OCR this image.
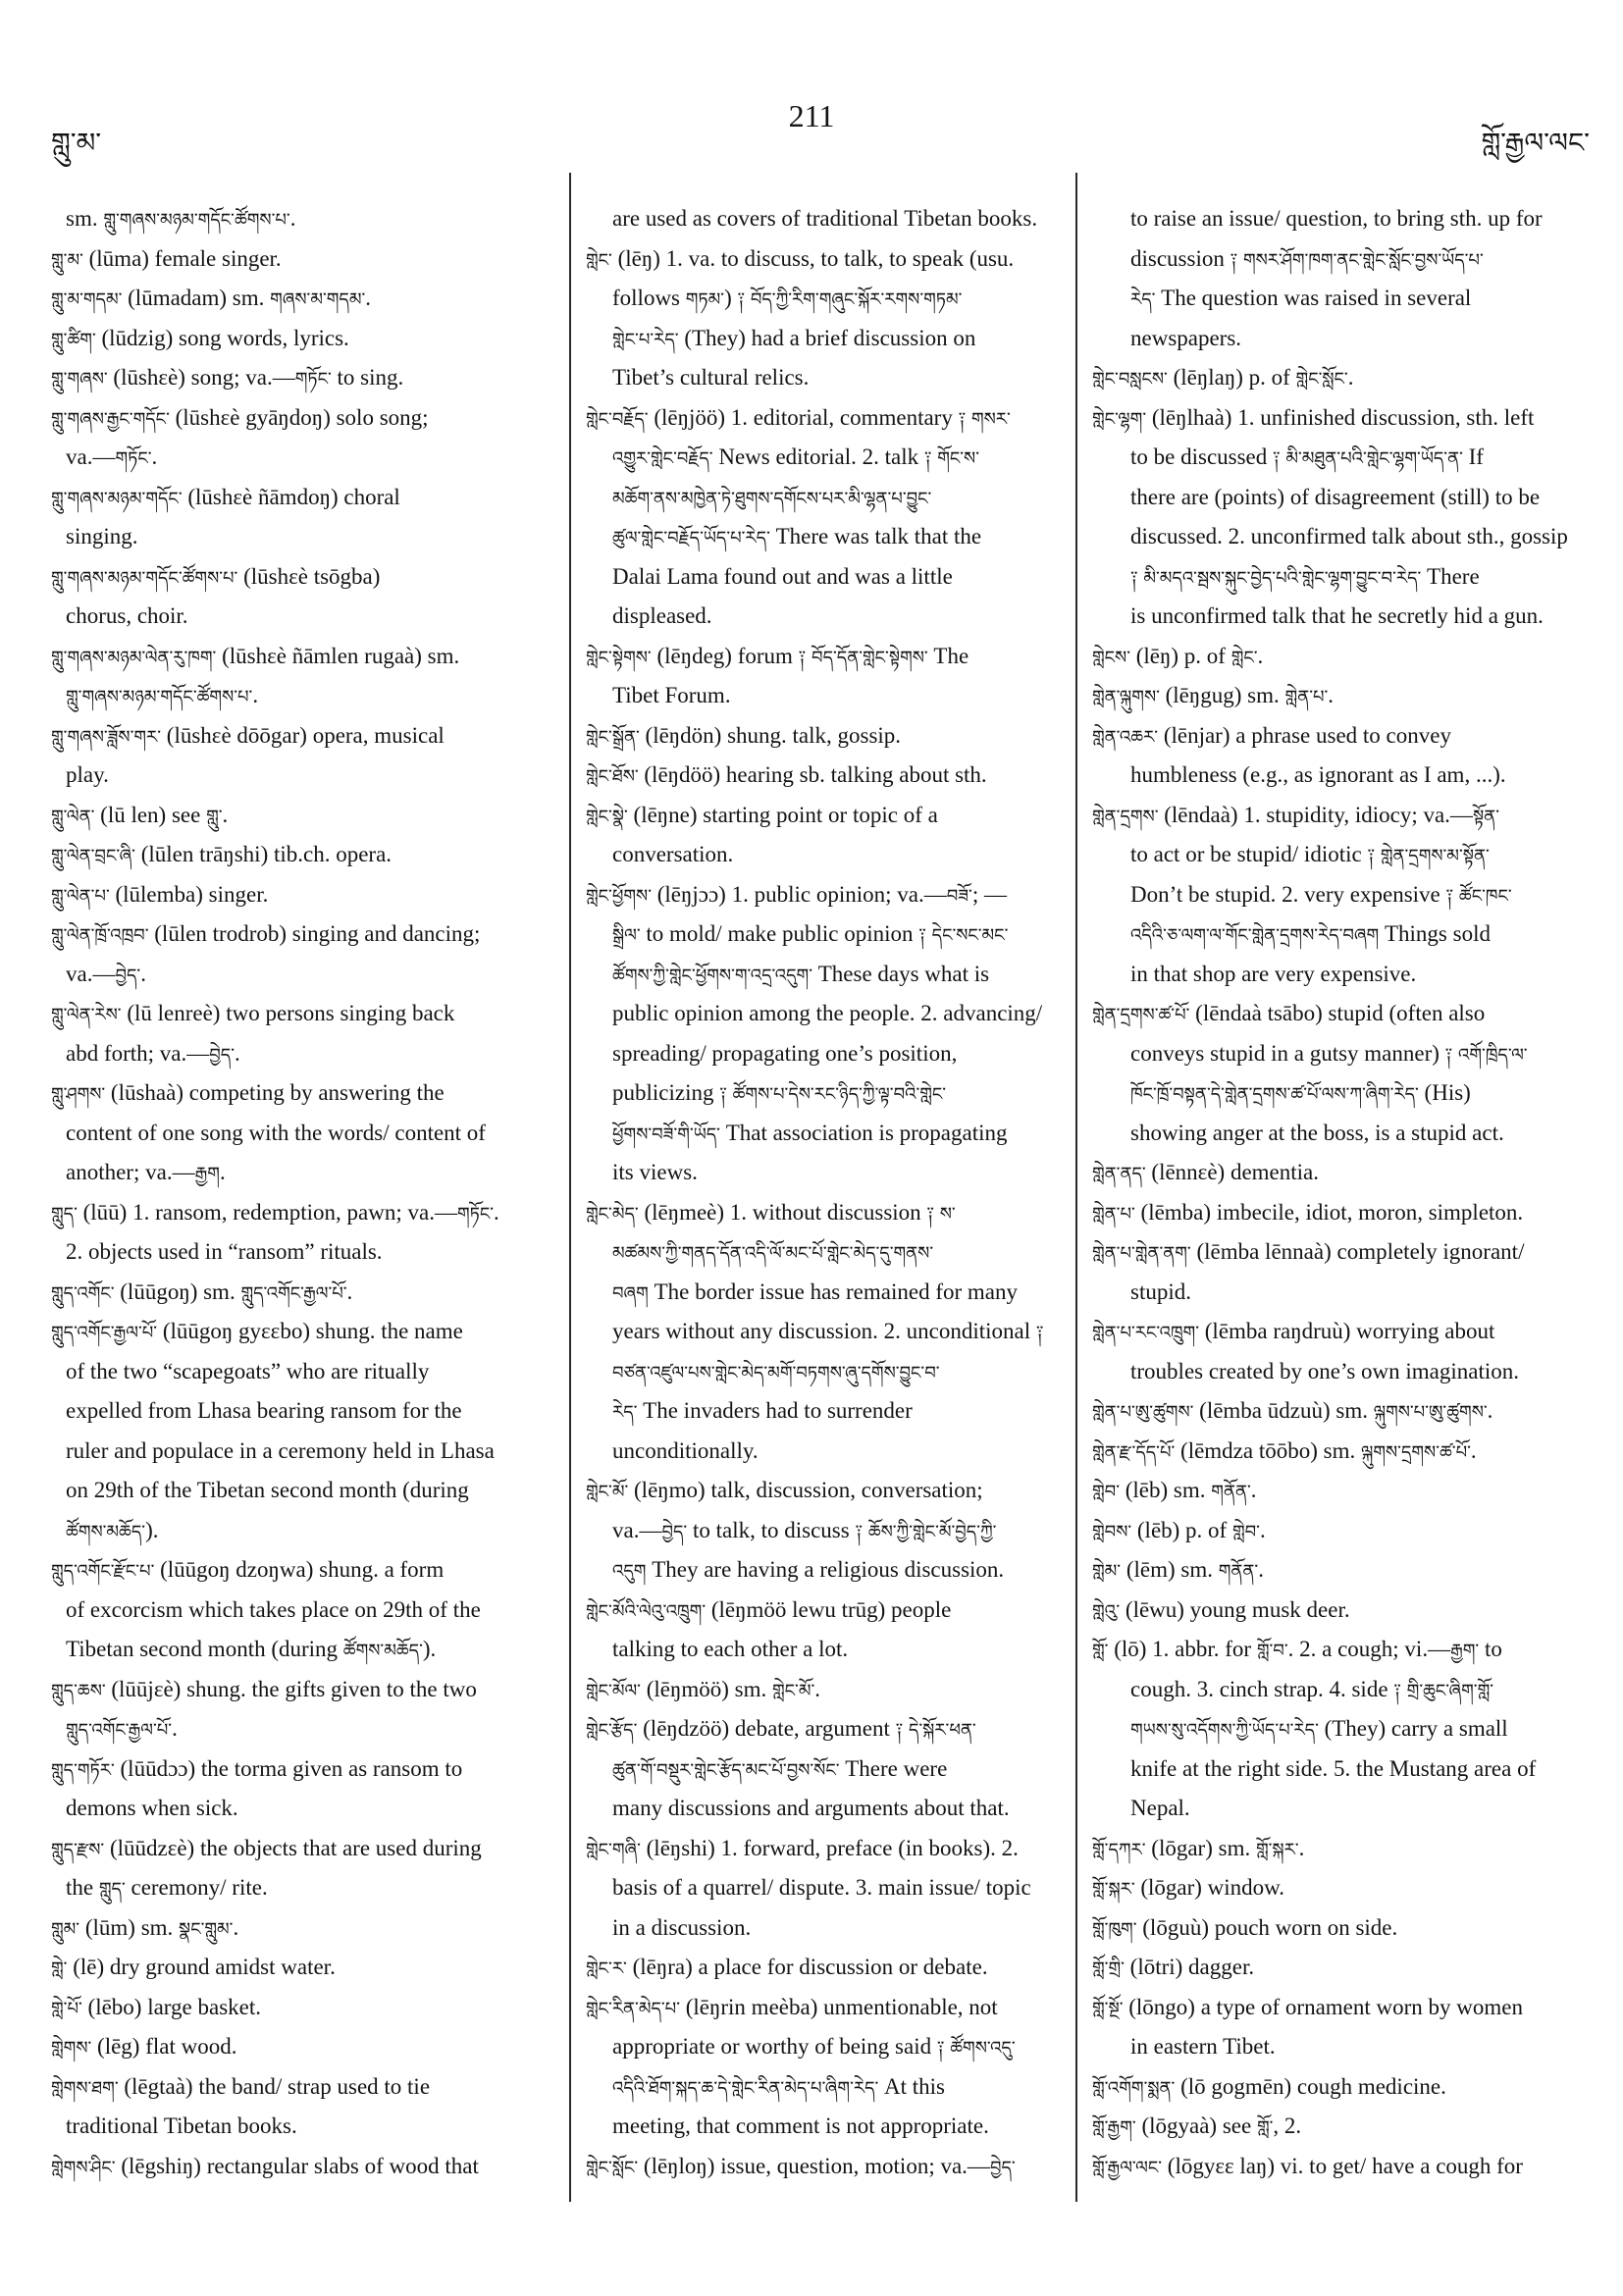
གླུ་མ་
211
གློ་རྒྱལ་ལང་
sm. གླུ་གཞས་མཉམ་གདོང་ཚོགས་པ་.
གླུ་མ་ (lūma) female singer.
གླུ་མ་གདམ་ (lūmadam) sm. གཞས་མ་གདམ་.
གླུ་ཚིག་ (lūdzig) song words, lyrics.
གླུ་གཞས་ (lūshεè) song; va.—གཏོང་ to sing.
གླུ་གཞས་རྒྱང་གདོང་ (lūshεè gyāŋdoŋ) solo song;
va.—གཏོང་.
གླུ་གཞས་མཉམ་གདོང་ (lūshεè ñāmdoŋ) choral
singing.
གླུ་གཞས་མཉམ་གདོང་ཚོགས་པ་ (lūshεè tsōgba)
chorus, choir.
གླུ་གཞས་མཉམ་ལེན་རུ་ཁག་ (lūshεè ñāmlen rugaà) sm.
གླུ་གཞས་མཉམ་གདོང་ཚོགས་པ་.
གླུ་གཞས་ཟློས་གར་ (lūshεè dōōgar) opera, musical
play.
གླུ་ལེན་ (lū len) see གླུ་.
གླུ་ལེན་བྲང་ཞི་ (lūlen trāŋshi) tib.ch. opera.
གླུ་ལེན་པ་ (lūlemba) singer.
གླུ་ལེན་ཁྲོ་འཁྲབ་ (lūlen trodrob) singing and dancing;
va.—བྱེད་.
གླུ་ལེན་རེས་ (lū lenreè) two persons singing back
abd forth; va.—བྱེད་.
གླུ་ཤགས་ (lūshaà) competing by answering the
content of one song with the words/ content of
another; va.—རྒྱག.
གླུད་ (lūū) 1. ransom, redemption, pawn; va.—གཏོང་.
2. objects used in “ransom” rituals.
གླུད་འགོང་ (lūūgoŋ) sm. གླུད་འགོང་རྒྱལ་པོ་.
གླུད་འགོང་རྒྱལ་པོ་ (lūūgoŋ gyεεbo) shung. the name
of the two “scapegoats” who are ritually
expelled from Lhasa bearing ransom for the
ruler and populace in a ceremony held in Lhasa
on 29th of the Tibetan second month (during
ཚོགས་མཆོད་).
གླུད་འགོང་རྫོང་པ་ (lūūgoŋ dzoŋwa) shung. a form
of excorcism which takes place on 29th of the
Tibetan second month (during ཚོགས་མཆོད་).
གླུད་ཆས་ (lūūjεè) shung. the gifts given to the two
གླུད་འགོང་རྒྱལ་པོ་.
གླུད་གཏོར་ (lūūdɔɔ) the torma given as ransom to
demons when sick.
གླུད་རྫས་ (lūūdzεè) the objects that are used during
the གླུད་ ceremony/ rite.
གླུམ་ (lūm) sm. སྣང་གླུམ་.
གླེ་ (lē) dry ground amidst water.
གླེ་པོ་ (lēbo) large basket.
གླེགས་ (lēg) flat wood.
གླེགས་ཐག་ (lēgtaà) the band/ strap used to tie
traditional Tibetan books.
གླེགས་ཤིང་ (lēgshiŋ) rectangular slabs of wood that
are used as covers of traditional Tibetan books.
གླེང་ (lēŋ) 1. va. to discuss, to talk, to speak (usu.
follows གཏམ་) ༑ བོད་ཀྱི་རིག་གཞུང་སྐོར་རགས་གཏམ་
གླེང་པ་རེད་ (They) had a brief discussion on
Tibet’s cultural relics.
གླེང་བརྗོད་ (lēŋjöö) 1. editorial, commentary ༑ གསར་
འགྱུར་གླེང་བརྗོད་ News editorial. 2. talk ༑ གོང་ས་
མཆོག་ནས་མཁྱེན་ཏེ་ཐུགས་དགོངས་པར་མི་ལྷན་པ་བྱུང་
ཚུལ་གླེང་བརྗོད་ཡོད་པ་རེད་ There was talk that the
Dalai Lama found out and was a little
displeased.
གླེང་སྟེགས་ (lēŋdeg) forum ༑ བོད་དོན་གླེང་སྟེགས་ The
Tibet Forum.
གླེང་སྒྲོན་ (lēŋdön) shung. talk, gossip.
གླེང་ཐོས་ (lēŋdöö) hearing sb. talking about sth.
གླེང་སྣེ་ (lēŋne) starting point or topic of a
conversation.
གླེང་ཕྱོགས་ (lēŋjɔɔ) 1. public opinion; va.—བཟོ་; —
སྒྲིལ་ to mold/ make public opinion ༑ དེང་སང་མང་
ཚོགས་ཀྱི་གླེང་ཕྱོགས་ག་འདྲ་འདུག་ These days what is
public opinion among the people. 2. advancing/
spreading/ propagating one’s position,
publicizing ༑ ཚོགས་པ་དེས་རང་ཉིད་ཀྱི་ལྟ་བའི་གླེང་
ཕྱོགས་བཟོ་གི་ཡོད་ That association is propagating
its views.
གླེང་མེད་ (lēŋmeè) 1. without discussion ༑ ས་
མཚམས་ཀྱི་གནད་དོན་འདི་ལོ་མང་པོ་གླེང་མེད་དུ་གནས་
བཞག The border issue has remained for many
years without any discussion. 2. unconditional ༑
བཙན་འཛུལ་པས་གླེང་མེད་མགོ་བཏགས་ཞུ་དགོས་བྱུང་བ་
རེད་ The invaders had to surrender
unconditionally.
གླེང་མོ་ (lēŋmo) talk, discussion, conversation;
va.—བྱེད་ to talk, to discuss ༑ ཆོས་ཀྱི་གླེང་མོ་བྱེད་ཀྱི་
འདུག They are having a religious discussion.
གླེང་མོའི་ལེའུ་འཁྲུག་ (lēŋmöö lewu trūg) people
talking to each other a lot.
གླེང་མོལ་ (lēŋmöö) sm. གླེང་མོ་.
གླེང་རྩོད་ (lēŋdzöö) debate, argument ༑ དེ་སྐོར་ཕན་
ཚུན་གོ་བསྡུར་གླེང་རྩོད་མང་པོ་བྱས་སོང་ There were
many discussions and arguments about that.
གླེང་གཞི་ (lēŋshi) 1. forward, preface (in books). 2.
basis of a quarrel/ dispute. 3. main issue/ topic
in a discussion.
གླེང་ར་ (lēŋra) a place for discussion or debate.
གླེང་རིན་མེད་པ་ (lēŋrin meèba) unmentionable, not
appropriate or worthy of being said ༑ ཚོགས་འདུ་
འདིའི་ཐོག་སྐད་ཆ་དེ་གླེང་རིན་མེད་པ་ཞིག་རེད་ At this
meeting, that comment is not appropriate.
གླེང་སློང་ (lēŋloŋ) issue, question, motion; va.—བྱེད་
to raise an issue/ question, to bring sth. up for
discussion ༑ གསར་ཤོག་ཁག་ནང་གླེང་སློང་བྱས་ཡོད་པ་
རེད་ The question was raised in several
newspapers.
གླེང་བསླངས་ (lēŋlaŋ) p. of གླེང་སློང་.
གླེང་ལྷག་ (lēŋlhaà) 1. unfinished discussion, sth. left
to be discussed ༑ མི་མཐུན་པའི་གླེང་ལྷག་ཡོད་ན་ If
there are (points) of disagreement (still) to be
discussed. 2. unconfirmed talk about sth., gossip
༑ མི་མདའ་སྦས་སྐུང་བྱེད་པའི་གླེང་ལྷག་བྱུང་བ་རེད་ There
is unconfirmed talk that he secretly hid a gun.
གླེངས་ (lēŋ) p. of གླེང་.
གླེན་ལྐུགས་ (lēŋgug) sm. གླེན་པ་.
གླེན་འཆར་ (lēnjar) a phrase used to convey
humbleness (e.g., as ignorant as I am, ...).
གླེན་དྲགས་ (lēndaà) 1. stupidity, idiocy; va.—སྟོན་
to act or be stupid/ idiotic ༑ གླེན་དྲགས་མ་སྟོན་
Don’t be stupid. 2. very expensive ༑ ཚོང་ཁང་
འདིའི་ཅ་ལག་ལ་གོང་གླེན་དྲགས་རེད་བཞག Things sold
in that shop are very expensive.
གླེན་དྲགས་ཚ་པོ་ (lēndaà tsābo) stupid (often also
conveys stupid in a gutsy manner) ༑ འགོ་ཁྲིད་ལ་
ཁོང་ཁྲོ་བསྟན་དེ་གླེན་དྲགས་ཚ་པོ་ལས་ཀ་ཞིག་རེད་ (His)
showing anger at the boss, is a stupid act.
གླེན་ནད་ (lēnnεè) dementia.
གླེན་པ་ (lēmba) imbecile, idiot, moron, simpleton.
གླེན་པ་གླེན་ནག་ (lēmba lēnnaà) completely ignorant/
stupid.
གླེན་པ་རང་འཁྲུག་ (lēmba raŋdruù) worrying about
troubles created by one’s own imagination.
གླེན་པ་ཨུ་ཚུགས་ (lēmba ūdzuù) sm. ལྐུགས་པ་ཨུ་ཚུགས་.
གླེན་རྫ་དོད་པོ་ (lēmdza tōōbo) sm. ལྐུགས་དྲགས་ཚ་པོ་.
གླེབ་ (lēb) sm. གནོན་.
གླེབས་ (lēb) p. of གླེབ་.
གླེམ་ (lēm) sm. གནོན་.
གླེའུ་ (lēwu) young musk deer.
གློ་ (lō) 1. abbr. for གློ་བ་. 2. a cough; vi.—རྒྱག་ to
cough. 3. cinch strap. 4. side ༑ གྲི་ཆུང་ཞིག་གློ་
གཡས་སུ་འདོགས་ཀྱི་ཡོད་པ་རེད་ (They) carry a small
knife at the right side. 5. the Mustang area of
Nepal.
གློ་དཀར་ (lōgar) sm. གློ་སྐར་.
གློ་སྐར་ (lōgar) window.
གློ་ཁུག་ (lōguù) pouch worn on side.
གློ་གྲི་ (lōtri) dagger.
གློ་སྔོ་ (lōngo) a type of ornament worn by women
in eastern Tibet.
གློ་འགོག་སྨན་ (lō gogmēn) cough medicine.
གློ་རྒྱག་ (lōgyaà) see གློ་, 2.
གློ་རྒྱལ་ལང་ (lōgyεε laŋ) vi. to get/ have a cough for
